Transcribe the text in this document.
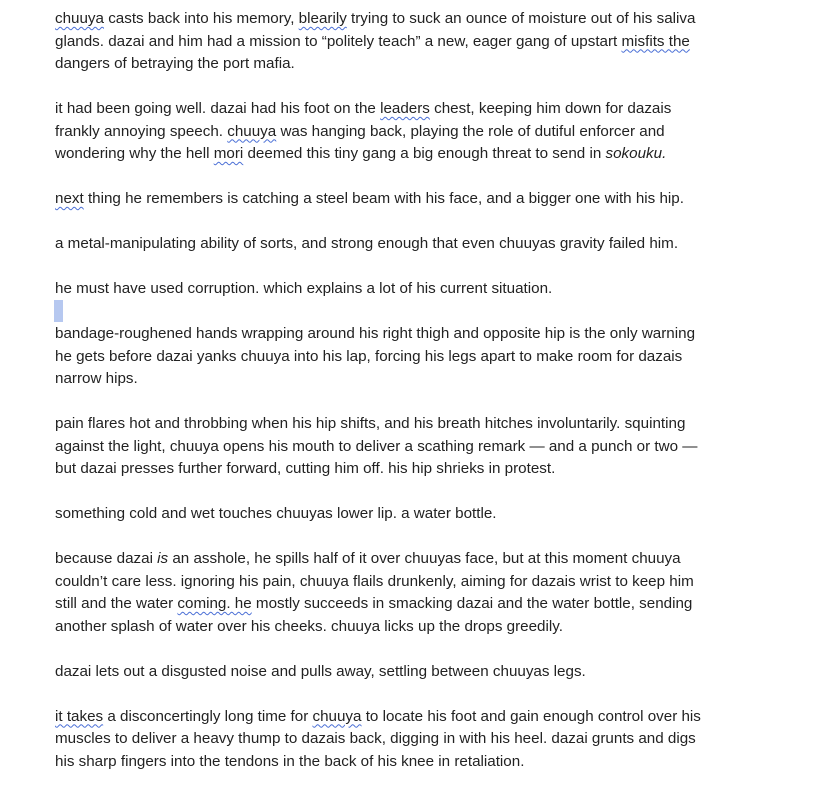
chuuya casts back into his memory, blearily trying to suck an ounce of moisture out of his saliva
glands. dazai and him had a mission to “politely teach” a new, eager gang of upstart misfits the
dangers of betraying the port mafia.

it had been going well. dazai had his foot on the leaders chest, keeping him down for dazais
frankly annoying speech. chuuya was hanging back, playing the role of dutiful enforcer and
wondering why the hell mori deemed this tiny gang a big enough threat to send in sokouku.

next thing he remembers is catching a steel beam with his face, and a bigger one with his hip.

a metal-manipulating ability of sorts, and strong enough that even chuuyas gravity failed him.

he must have used corruption. which explains a lot of his current situation.

bandage-roughened hands wrapping around his right thigh and opposite hip is the only warning
he gets before dazai yanks chuuya into his lap, forcing his legs apart to make room for dazais
narrow hips.

pain flares hot and throbbing when his hip shifts, and his breath hitches involuntarily. squinting
against the light, chuuya opens his mouth to deliver a scathing remark — and a punch or two —
but dazai presses further forward, cutting him off. his hip shrieks in protest.

something cold and wet touches chuuyas lower lip. a water bottle.

because dazai is an asshole, he spills half of it over chuuyas face, but at this moment chuuya
couldn’t care less. ignoring his pain, chuuya flails drunkenly, aiming for dazais wrist to keep him
still and the water coming. he mostly succeeds in smacking dazai and the water bottle, sending
another splash of water over his cheeks. chuuya licks up the drops greedily.

dazai lets out a disgusted noise and pulls away, settling between chuuyas legs.

it takes a disconcertingly long time for chuuya to locate his foot and gain enough control over his
muscles to deliver a heavy thump to dazais back, digging in with his heel. dazai grunts and digs
his sharp fingers into the tendons in the back of his knee in retaliation.
